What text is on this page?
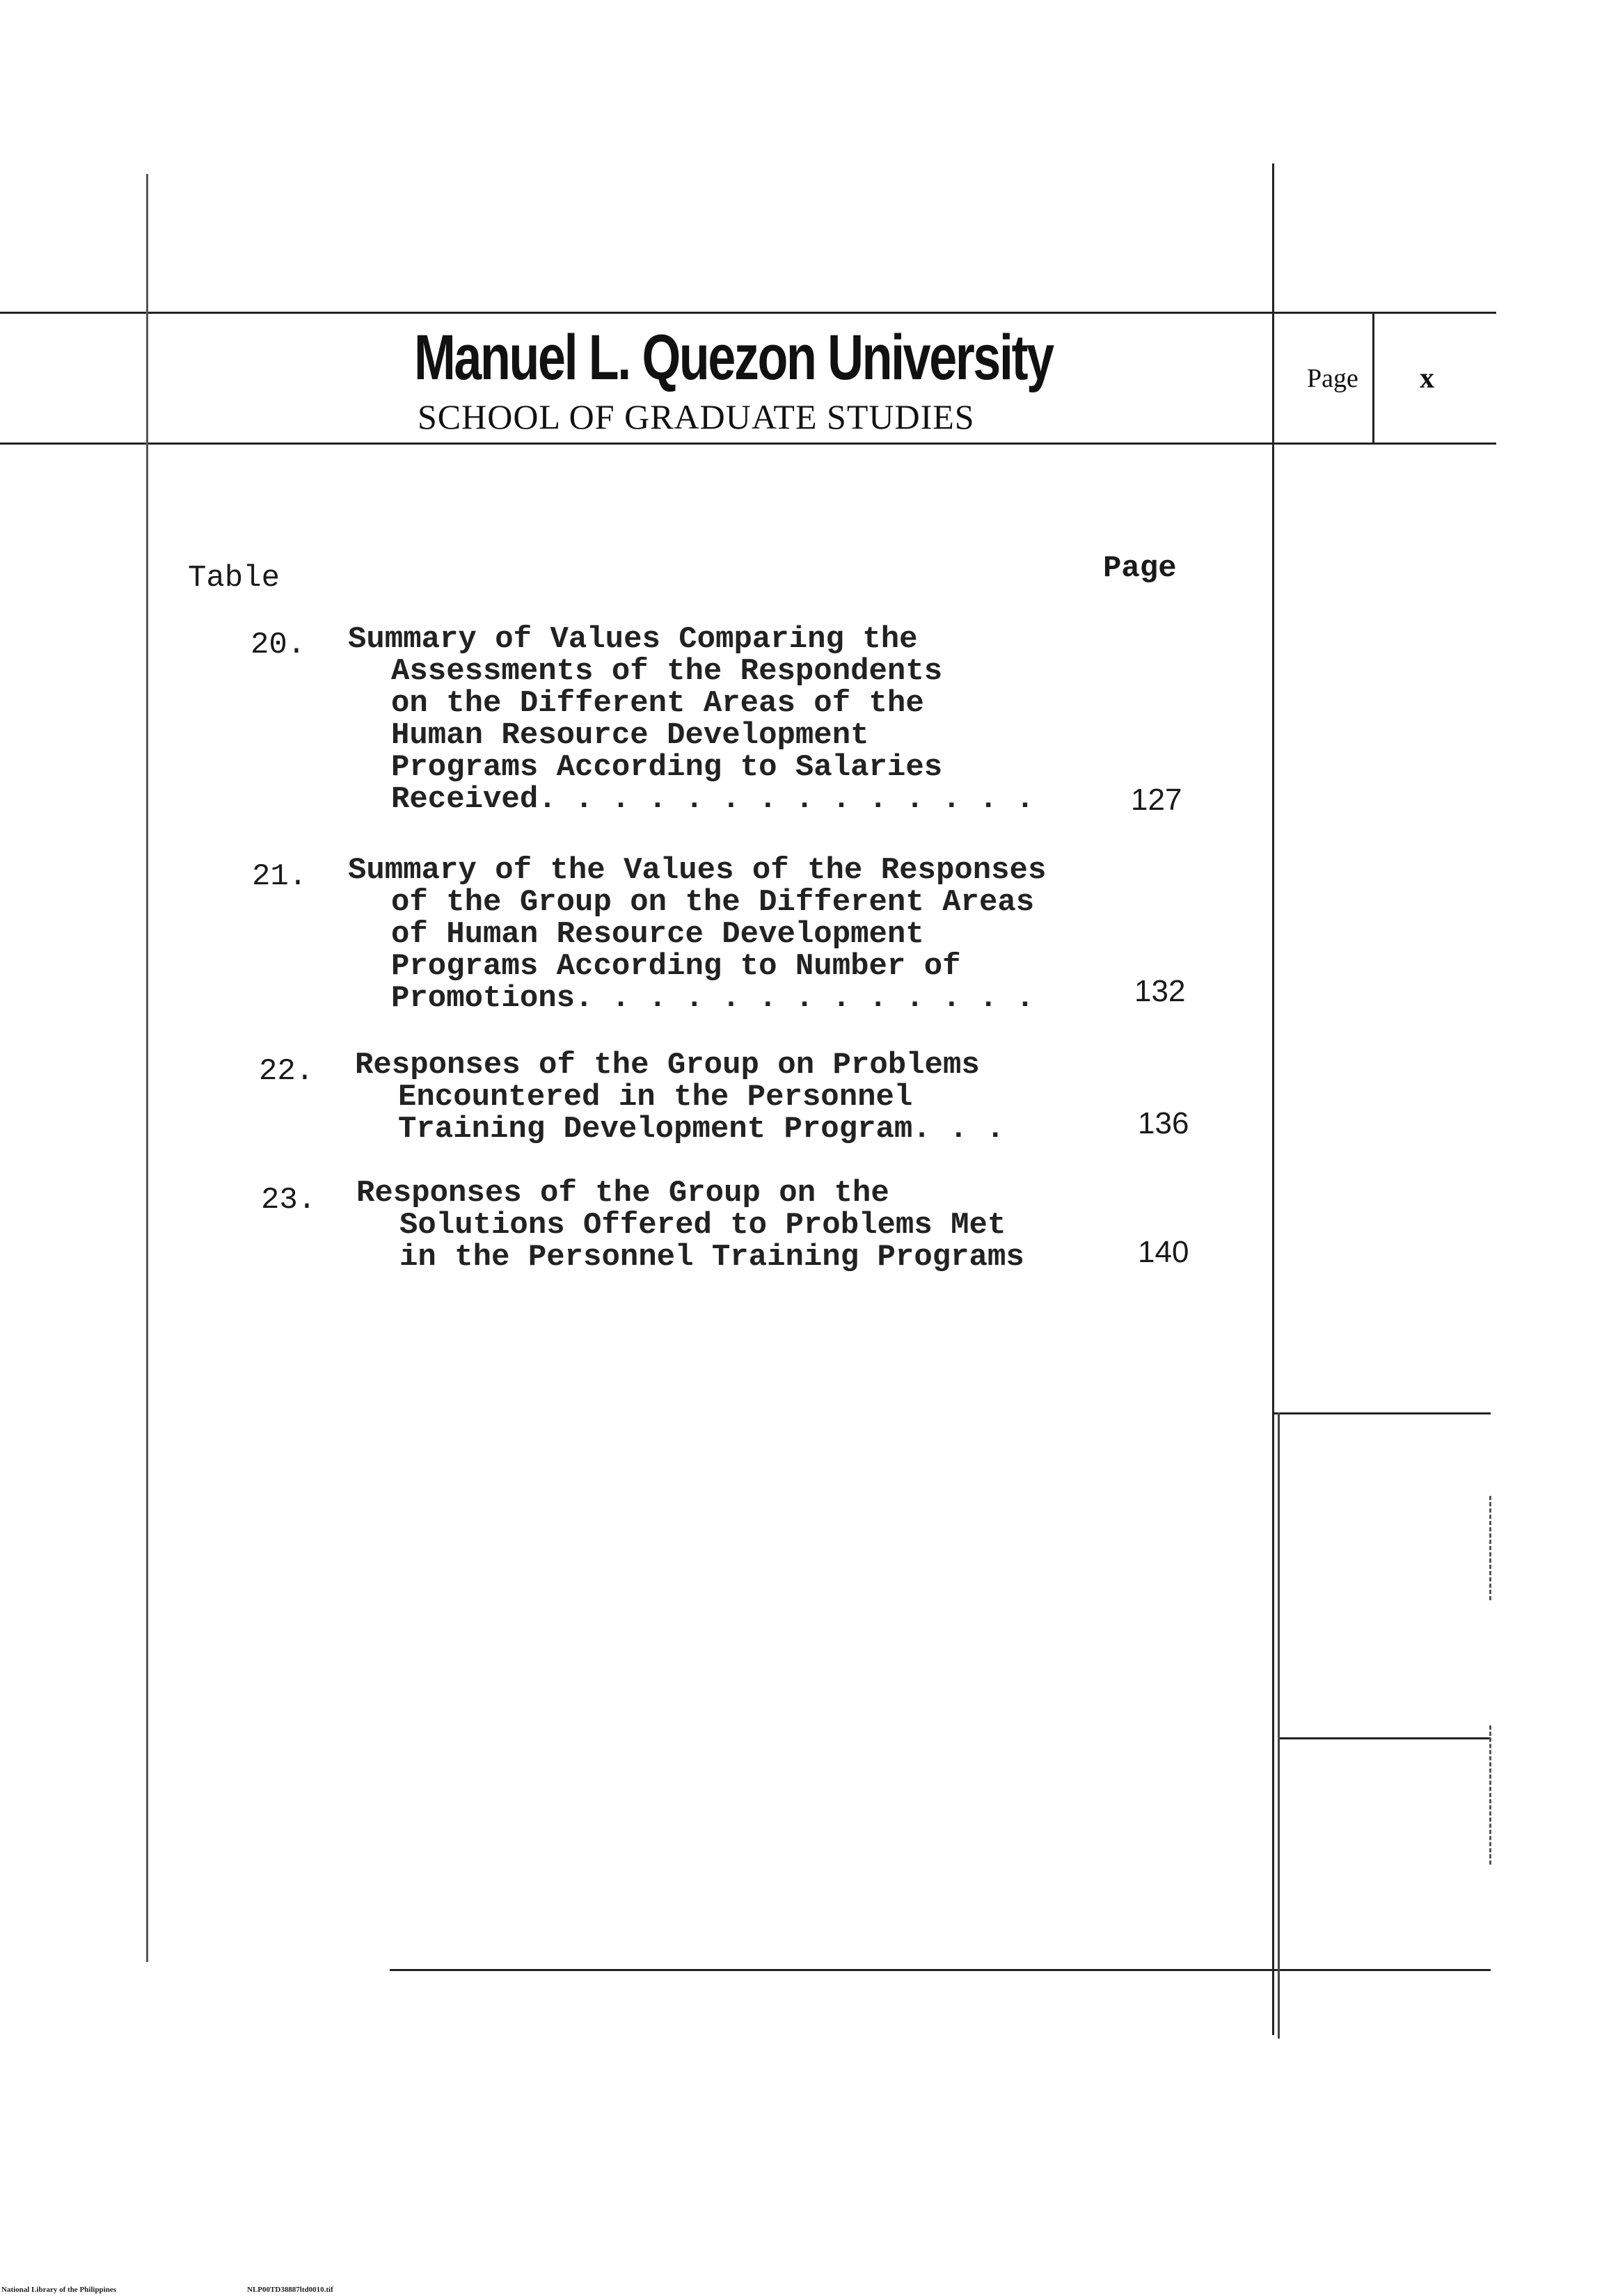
Manuel L. Quezon University
SCHOOL OF GRADUATE STUDIES
Page x
Table	Page
20. Summary of Values Comparing the
Assessments of the Respondents
on the Different Areas of the
Human Resource Development
Programs According to Salaries
Received. . . . . . . . . . . . . .	127
21. Summary of the Values of the Responses
of the Group on the Different Areas
of Human Resource Development
Programs According to Number of
Promotions. . . . . . . . . . . . .	132
22. Responses of the Group on Problems
Encountered in the Personnel
Training Development Program. . .	136
23. Responses of the Group on the
Solutions Offered to Problems Met
in the Personnel Training Programs	140
National Library of the Philippines	NLP00TD38887ltd0010.tif
